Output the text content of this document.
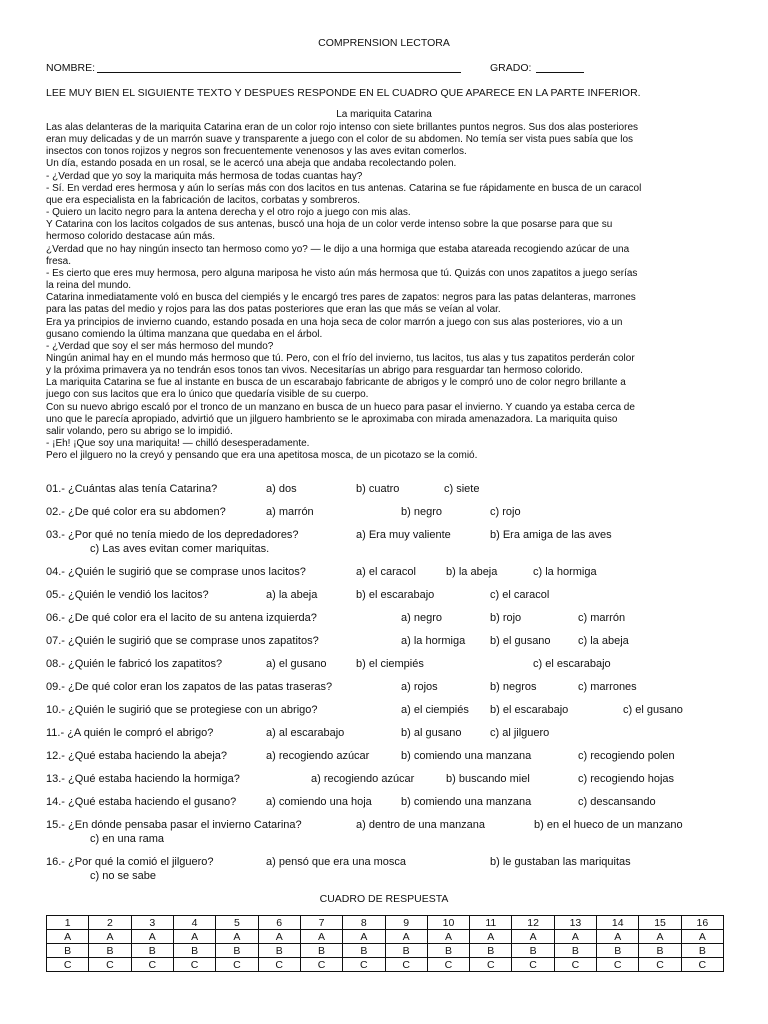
COMPRENSION LECTORA
NOMBRE:	GRADO:
LEE MUY BIEN EL SIGUIENTE TEXTO Y DESPUES RESPONDE EN EL CUADRO QUE APARECE EN LA PARTE INFERIOR.
La mariquita Catarina
Las alas delanteras de la mariquita Catarina eran de un color rojo intenso con siete brillantes puntos negros. Sus dos alas posteriores
eran muy delicadas y de un marrón suave y transparente a juego con el color de su abdomen. No temía ser vista pues sabía que los
insectos con tonos rojizos y negros son frecuentemente venenosos y las aves evitan comerlos.
Un día, estando posada en un rosal, se le acercó una abeja que andaba recolectando polen.
- ¿Verdad que yo soy la mariquita más hermosa de todas cuantas hay?
- Sí. En verdad eres hermosa y aún lo serías más con dos lacitos en tus antenas. Catarina se fue rápidamente en busca de un caracol
que era especialista en la fabricación de lacitos, corbatas y sombreros.
- Quiero un lacito negro para la antena derecha y el otro rojo a juego con mis alas.
Y Catarina con los lacitos colgados de sus antenas, buscó una hoja de un color verde intenso sobre la que posarse para que su
hermoso colorido destacase aún más.
¿Verdad que no hay ningún insecto tan hermoso como yo? — le dijo a una hormiga que estaba atareada recogiendo azúcar de una
fresa.
- Es cierto que eres muy hermosa, pero alguna mariposa he visto aún más hermosa que tú. Quizás con unos zapatitos a juego serías
la reina del mundo.
Catarina inmediatamente voló en busca del ciempiés y le encargó tres pares de zapatos: negros para las patas delanteras, marrones
para las patas del medio y rojos para las dos patas posteriores que eran las que más se veían al volar.
Era ya principios de invierno cuando, estando posada en una hoja seca de color marrón a juego con sus alas posteriores, vio a un
gusano comiendo la última manzana que quedaba en el árbol.
- ¿Verdad que soy el ser más hermoso del mundo?
Ningún animal hay en el mundo más hermoso que tú. Pero, con el frío del invierno, tus lacitos, tus alas y tus zapatitos perderán color
y la próxima primavera ya no tendrán esos tonos tan vivos. Necesitarías un abrigo para resguardar tan hermoso colorido.
La mariquita Catarina se fue al instante en busca de un escarabajo fabricante de abrigos y le compró uno de color negro brillante a
juego con sus lacitos que era lo único que quedaría visible de su cuerpo.
Con su nuevo abrigo escaló por el tronco de un manzano en busca de un hueco para pasar el invierno. Y cuando ya estaba cerca de
uno que le parecía apropiado, advirtió que un jilguero hambriento se le aproximaba con mirada amenazadora. La mariquita quiso
salir volando, pero su abrigo se lo impidió.
- ¡Eh! ¡Que soy una mariquita! — chilló desesperadamente.
Pero el jilguero no la creyó y pensando que era una apetitosa mosca, de un picotazo se la comió.
01.- ¿Cuántas alas tenía Catarina?	a) dos	b) cuatro	c) siete
02.- ¿De qué color era su abdomen?	a) marrón	b) negro	c) rojo
03.- ¿Por qué no tenía miedo de los depredadores?	a) Era muy valiente	b) Era amiga de las aves
c) Las aves evitan comer mariquitas.
04.- ¿Quién le sugirió que se comprase unos lacitos?	a) el caracol	b) la abeja	c) la hormiga
05.- ¿Quién le vendió los lacitos?	a) la abeja	b) el escarabajo	c) el caracol
06.- ¿De qué color era el lacito de su antena izquierda?	a) negro	b) rojo	c) marrón
07.- ¿Quién le sugirió que se comprase unos zapatitos?	a) la hormiga b) el gusano c) la abeja
08.- ¿Quién le fabricó los zapatitos?	a) el gusano	b) el ciempiés	c) el escarabajo
09.- ¿De qué color eran los zapatos de las patas traseras?	a) rojos	b) negros	c) marrones
10.- ¿Quién le sugirió que se protegiese con un abrigo?	a) el ciempiés b) el escarabajo	c) el gusano
11.- ¿A quién le compró el abrigo?	a) al escarabajo	b) al gusano	c) al jilguero
12.- ¿Qué estaba haciendo la abeja?	a) recogiendo azúcar	b) comiendo una manzana	c) recogiendo polen
13.- ¿Qué estaba haciendo la hormiga?	a) recogiendo azúcar	b) buscando miel	c) recogiendo hojas
14.- ¿Qué estaba haciendo el gusano?	a) comiendo una hoja	b) comiendo una manzana	c) descansando
15.- ¿En dónde pensaba pasar el invierno Catarina?	a) dentro de una manzana	b) en el hueco de un manzano
c) en una rama
16.- ¿Por qué la comió el jilguero?	a) pensó que era una mosca	b) le gustaban las mariquitas
c) no se sabe
CUADRO DE RESPUESTA
1	2	3	4	5	6	7	8	9	10	11	12	13	14	15	16
A	A	A	A	A	A	A	A	A	A	A	A	A	A	A	A
B	B	B	B	B	B	B	B	B	B	B	B	B	B	B	B
C	C	C	C	C	C	C	C	C	C	C	C	C	C	C	C
